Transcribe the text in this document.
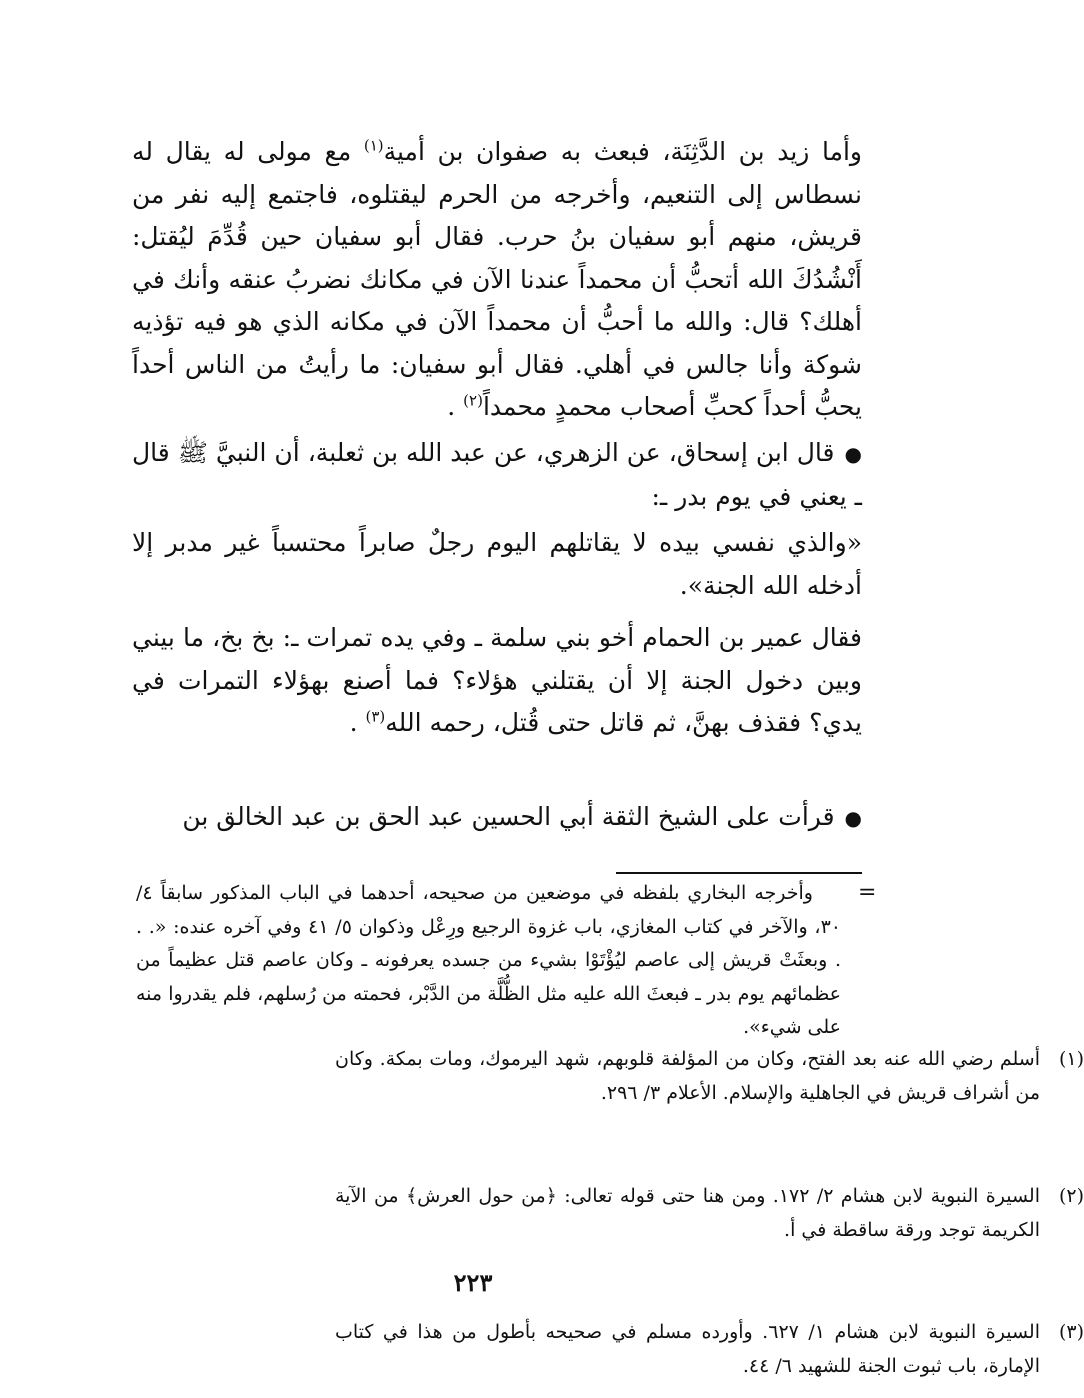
وأما زيد بن الدَّثِنَة، فبعث به صفوان بن أمية$^{(١)}$ مع مولى له يقال له نسطاس إلى التنعيم، وأخرجه من الحرم ليقتلوه، فاجتمع إليه نفر من قريش، منهم أبو سفيان بنُ حرب. فقال أبو سفيان حين قُدِّمَ ليُقتل: أَنْشُدُكَ الله أتحبُّ أن محمداً عندنا الآن في مكانك نضربُ عنقه وأنك في أهلك؟ قال: والله ما أحبُّ أن محمداً الآن في مكانه الذي هو فيه تؤذيه شوكة وأنا جالس في أهلي. فقال أبو سفيان: ما رأيتُ من الناس أحداً يحبُّ أحداً كحبِّ أصحاب محمدٍ محمداً$^{(٢)}$ .
●قال ابن إسحاق، عن الزهري، عن عبد الله بن ثعلبة، أن النبيَّ ﷺ قال ـ يعني في يوم بدر ـ:
«والذي نفسي بيده لا يقاتلهم اليوم رجلٌ صابراً محتسباً غير مدبر إلا أدخله الله الجنة».
فقال عمير بن الحمام أخو بني سلمة ـ وفي يده تمرات ـ: بخ بخ، ما بيني وبين دخول الجنة إلا أن يقتلني هؤلاء؟ فما أصنع بهؤلاء التمرات في يدي؟ فقذف بهنَّ، ثم قاتل حتى قُتل، رحمه الله$^{(٣)}$ .
●قرأت على الشيخ الثقة أبي الحسين عبد الحق بن عبد الخالق بن
=
وأخرجه البخاري بلفظه في موضعين من صحيحه، أحدهما في الباب المذكور سابقاً ٤/ ٣٠، والآخر في كتاب المغازي، باب غزوة الرجيع ورِعْل وذكوان ٥/ ٤١ وفي آخره عنده: «. . . وبعثَتْ قريش إلى عاصم ليُؤْتَوْا بشيء من جسده يعرفونه ـ وكان عاصم قتل عظيماً من عظمائهم يوم بدر ـ فبعثَ الله عليه مثل الظُّلَّة من الدَّبْر، فحمته من رُسلهم، فلم يقدروا منه على شيء».
(١)
أسلم رضي الله عنه بعد الفتح، وكان من المؤلفة قلوبهم، شهد اليرموك، ومات بمكة. وكان من أشراف قريش في الجاهلية والإسلام. الأعلام ٣/ ٢٩٦.
(٢)
السيرة النبوية لابن هشام ٢/ ١٧٢. ومن هنا حتى قوله تعالى: ﴿من حول العرش﴾ من الآية الكريمة توجد ورقة ساقطة في أ.
(٣)
السيرة النبوية لابن هشام ١/ ٦٢٧. وأورده مسلم في صحيحه بأطول من هذا في كتاب الإمارة، باب ثبوت الجنة للشهيد ٦/ ٤٤.
٢٢٣
